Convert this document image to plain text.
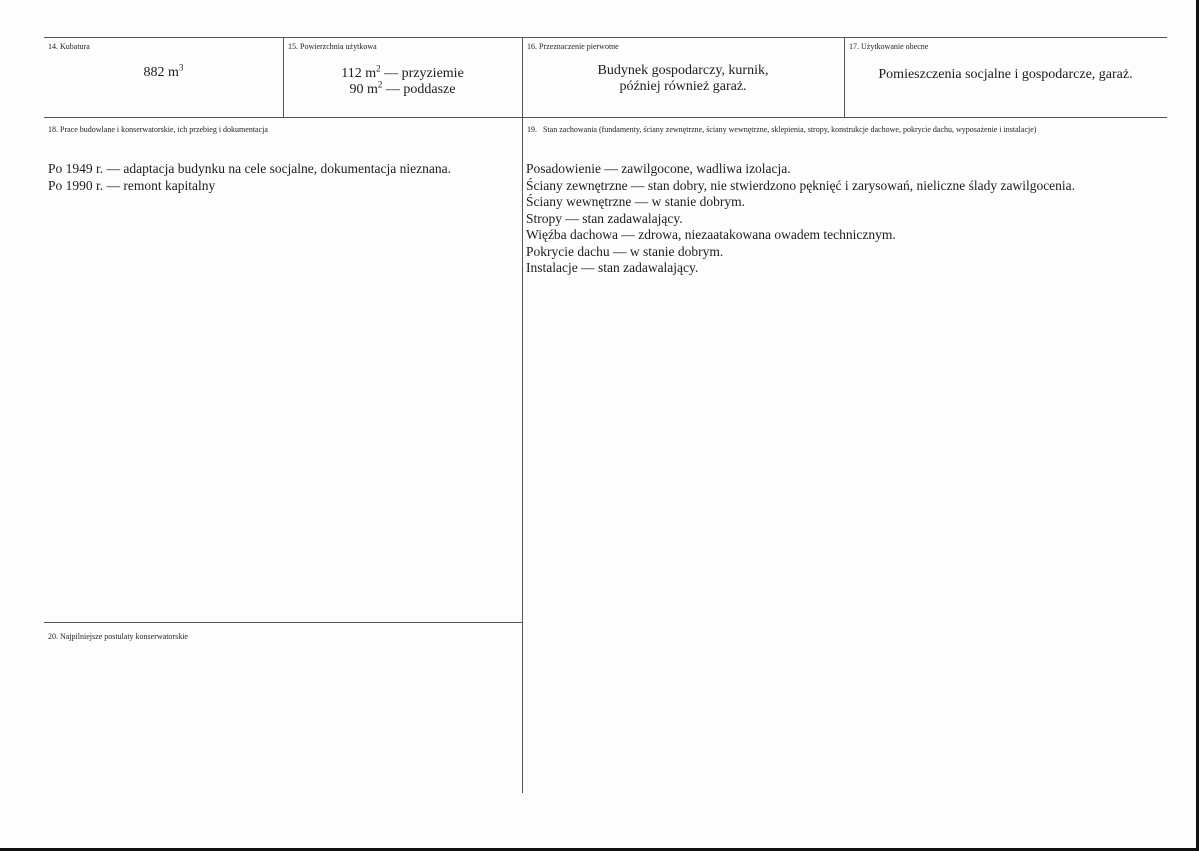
14. Kubatura
882 $m^3$
15. Powierzchnia użytkowa
112 $m^2$ — przyziemie
90 $m^2$ — poddasze
16. Przeznaczenie pierwotne
Budynek gospodarczy, kurnik,
później również garaż.
17. Użytkowanie obecne
Pomieszczenia socjalne i gospodarcze, garaż.
18. Prace budowlane i konserwatorskie, ich przebieg i dokumentacja
Po 1949 r. — adaptacja budynku na cele socjalne, dokumentacja nieznana.
Po 1990 r. — remont kapitalny
19.   Stan zachowania (fundamenty, ściany zewnętrzne, ściany wewnętrzne, sklepienia, stropy, konstrukcje dachowe, pokrycie dachu, wyposażenie i instalacje)
Posadowienie — zawilgocone, wadliwa izolacja.
Ściany zewnętrzne — stan dobry, nie stwierdzono pęknięć i zarysowań, nieliczne ślady zawilgocenia.
Ściany wewnętrzne — w stanie dobrym.
Stropy — stan zadawalający.
Więźba dachowa — zdrowa, niezaatakowana owadem technicznym.
Pokrycie dachu — w stanie dobrym.
Instalacje — stan zadawalający.
20. Najpilniejsze postulaty konserwatorskie
